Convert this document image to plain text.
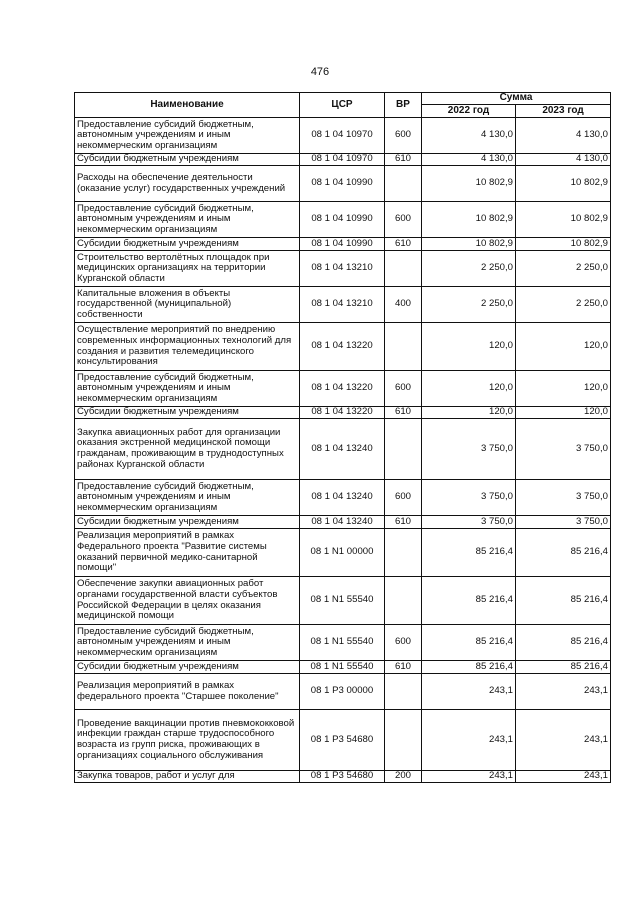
476
Наименование	ЦСР	ВР	Сумма	
			2022 год	2023 год
Предоставление субсидий бюджетным, автономным учреждениям и иным некоммерческим организациям	08 1 04 10970	600	4 130,0	4 130,0
Субсидии бюджетным учреждениям	08 1 04 10970	610	4 130,0	4 130,0
Расходы на обеспечение деятельности (оказание услуг) государственных учреждений	08 1 04 10990		10 802,9	10 802,9
Предоставление субсидий бюджетным, автономным учреждениям и иным некоммерческим организациям	08 1 04 10990	600	10 802,9	10 802,9
Субсидии бюджетным учреждениям	08 1 04 10990	610	10 802,9	10 802,9
Строительство вертолётных площадок при медицинских организациях на территории Курганской области	08 1 04 13210		2 250,0	2 250,0
Капитальные вложения в объекты государственной (муниципальной) собственности	08 1 04 13210	400	2 250,0	2 250,0
Осуществление мероприятий по внедрению современных информационных технологий для создания и развития телемедицинского консультирования	08 1 04 13220		120,0	120,0
Предоставление субсидий бюджетным, автономным учреждениям и иным некоммерческим организациям	08 1 04 13220	600	120,0	120,0
Субсидии бюджетным учреждениям	08 1 04 13220	610	120,0	120,0
Закупка авиационных работ для организации оказания экстренной медицинской помощи гражданам, проживающим в труднодоступных районах Курганской области	08 1 04 13240		3 750,0	3 750,0
Предоставление субсидий бюджетным, автономным учреждениям и иным некоммерческим организациям	08 1 04 13240	600	3 750,0	3 750,0
Субсидии бюджетным учреждениям	08 1 04 13240	610	3 750,0	3 750,0
Реализация мероприятий в рамках Федерального проекта "Развитие системы оказаний первичной медико-санитарной помощи"	08 1 N1 00000		85 216,4	85 216,4
Обеспечение закупки авиационных работ органами государственной власти субъектов Российской Федерации в целях оказания медицинской помощи	08 1 N1 55540		85 216,4	85 216,4
Предоставление субсидий бюджетным, автономным учреждениям и иным некоммерческим организациям	08 1 N1 55540	600	85 216,4	85 216,4
Субсидии бюджетным учреждениям	08 1 N1 55540	610	85 216,4	85 216,4
Реализация мероприятий в рамках федерального проекта "Старшее поколение"	08 1 P3 00000		243,1	243,1
Проведение вакцинации против пневмококковой инфекции граждан старше трудоспособного возраста из групп риска, проживающих в организациях социального обслуживания	08 1 P3 54680		243,1	243,1
Закупка товаров, работ и услуг для	08 1 P3 54680	200	243,1	243,1
